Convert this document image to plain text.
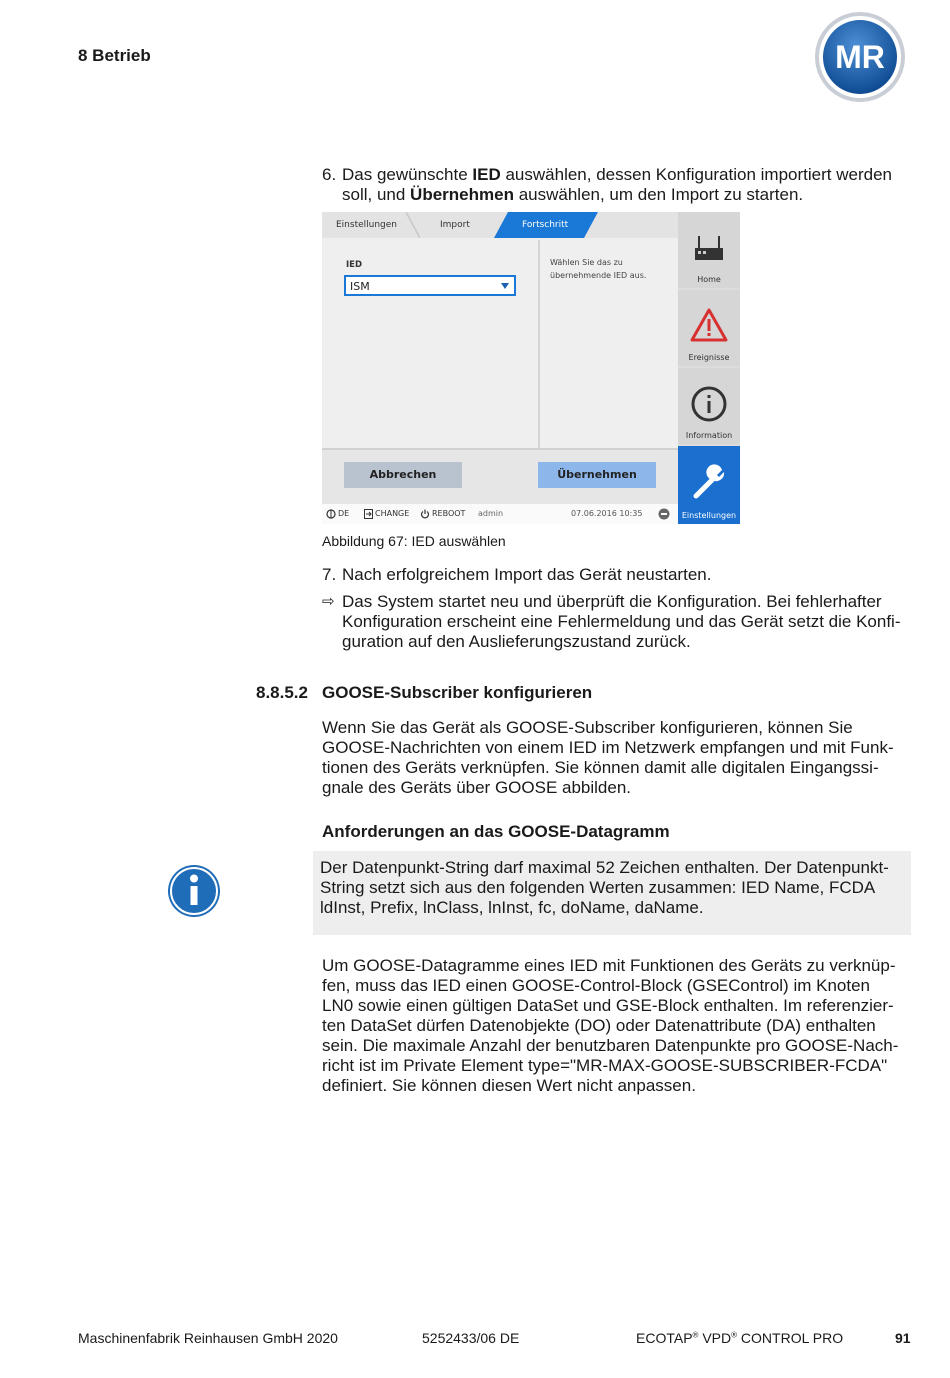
8 Betrieb	MR
6. Das gewünschte IED auswählen, dessen Konfiguration importiert werden
soll, und Übernehmen auswählen, um den Import zu starten.
Einstellungen	Import	Fortschritt
IED
ISM
Wählen Sie das zu
übernehmende IED aus.
Abbrechen	Übernehmen
DE	CHANGE	REBOOT admin	07.06.2016 10:35
Home
Ereignisse
Information
Einstellungen
Abbildung 67: IED auswählen
7. Nach erfolgreichem Import das Gerät neustarten.
⇨ Das System startet neu und überprüft die Konfiguration. Bei fehlerhafter
Konfiguration erscheint eine Fehlermeldung und das Gerät setzt die Konfi-
guration auf den Auslieferungszustand zurück.
8.8.5.2 GOOSE-Subscriber konfigurieren
Wenn Sie das Gerät als GOOSE-Subscriber konfigurieren, können Sie
GOOSE-Nachrichten von einem IED im Netzwerk empfangen und mit Funk-
tionen des Geräts verknüpfen. Sie können damit alle digitalen Eingangssi-
gnale des Geräts über GOOSE abbilden.
Anforderungen an das GOOSE-Datagramm
Der Datenpunkt-String darf maximal 52 Zeichen enthalten. Der Datenpunkt-
String setzt sich aus den folgenden Werten zusammen: IED Name, FCDA
ldInst, Prefix, lnClass, lnInst, fc, doName, daName.
Um GOOSE-Datagramme eines IED mit Funktionen des Geräts zu verknüp-
fen, muss das IED einen GOOSE-Control-Block (GSEControl) im Knoten
LN0 sowie einen gültigen DataSet und GSE-Block enthalten. Im referenzier-
ten DataSet dürfen Datenobjekte (DO) oder Datenattribute (DA) enthalten
sein. Die maximale Anzahl der benutzbaren Datenpunkte pro GOOSE-Nach-
richt ist im Private Element type="MR-MAX-GOOSE-SUBSCRIBER-FCDA"
definiert. Sie können diesen Wert nicht anpassen.
Maschinenfabrik Reinhausen GmbH 2020	5252433/06 DE	ECOTAP® VPD® CONTROL PRO	91
